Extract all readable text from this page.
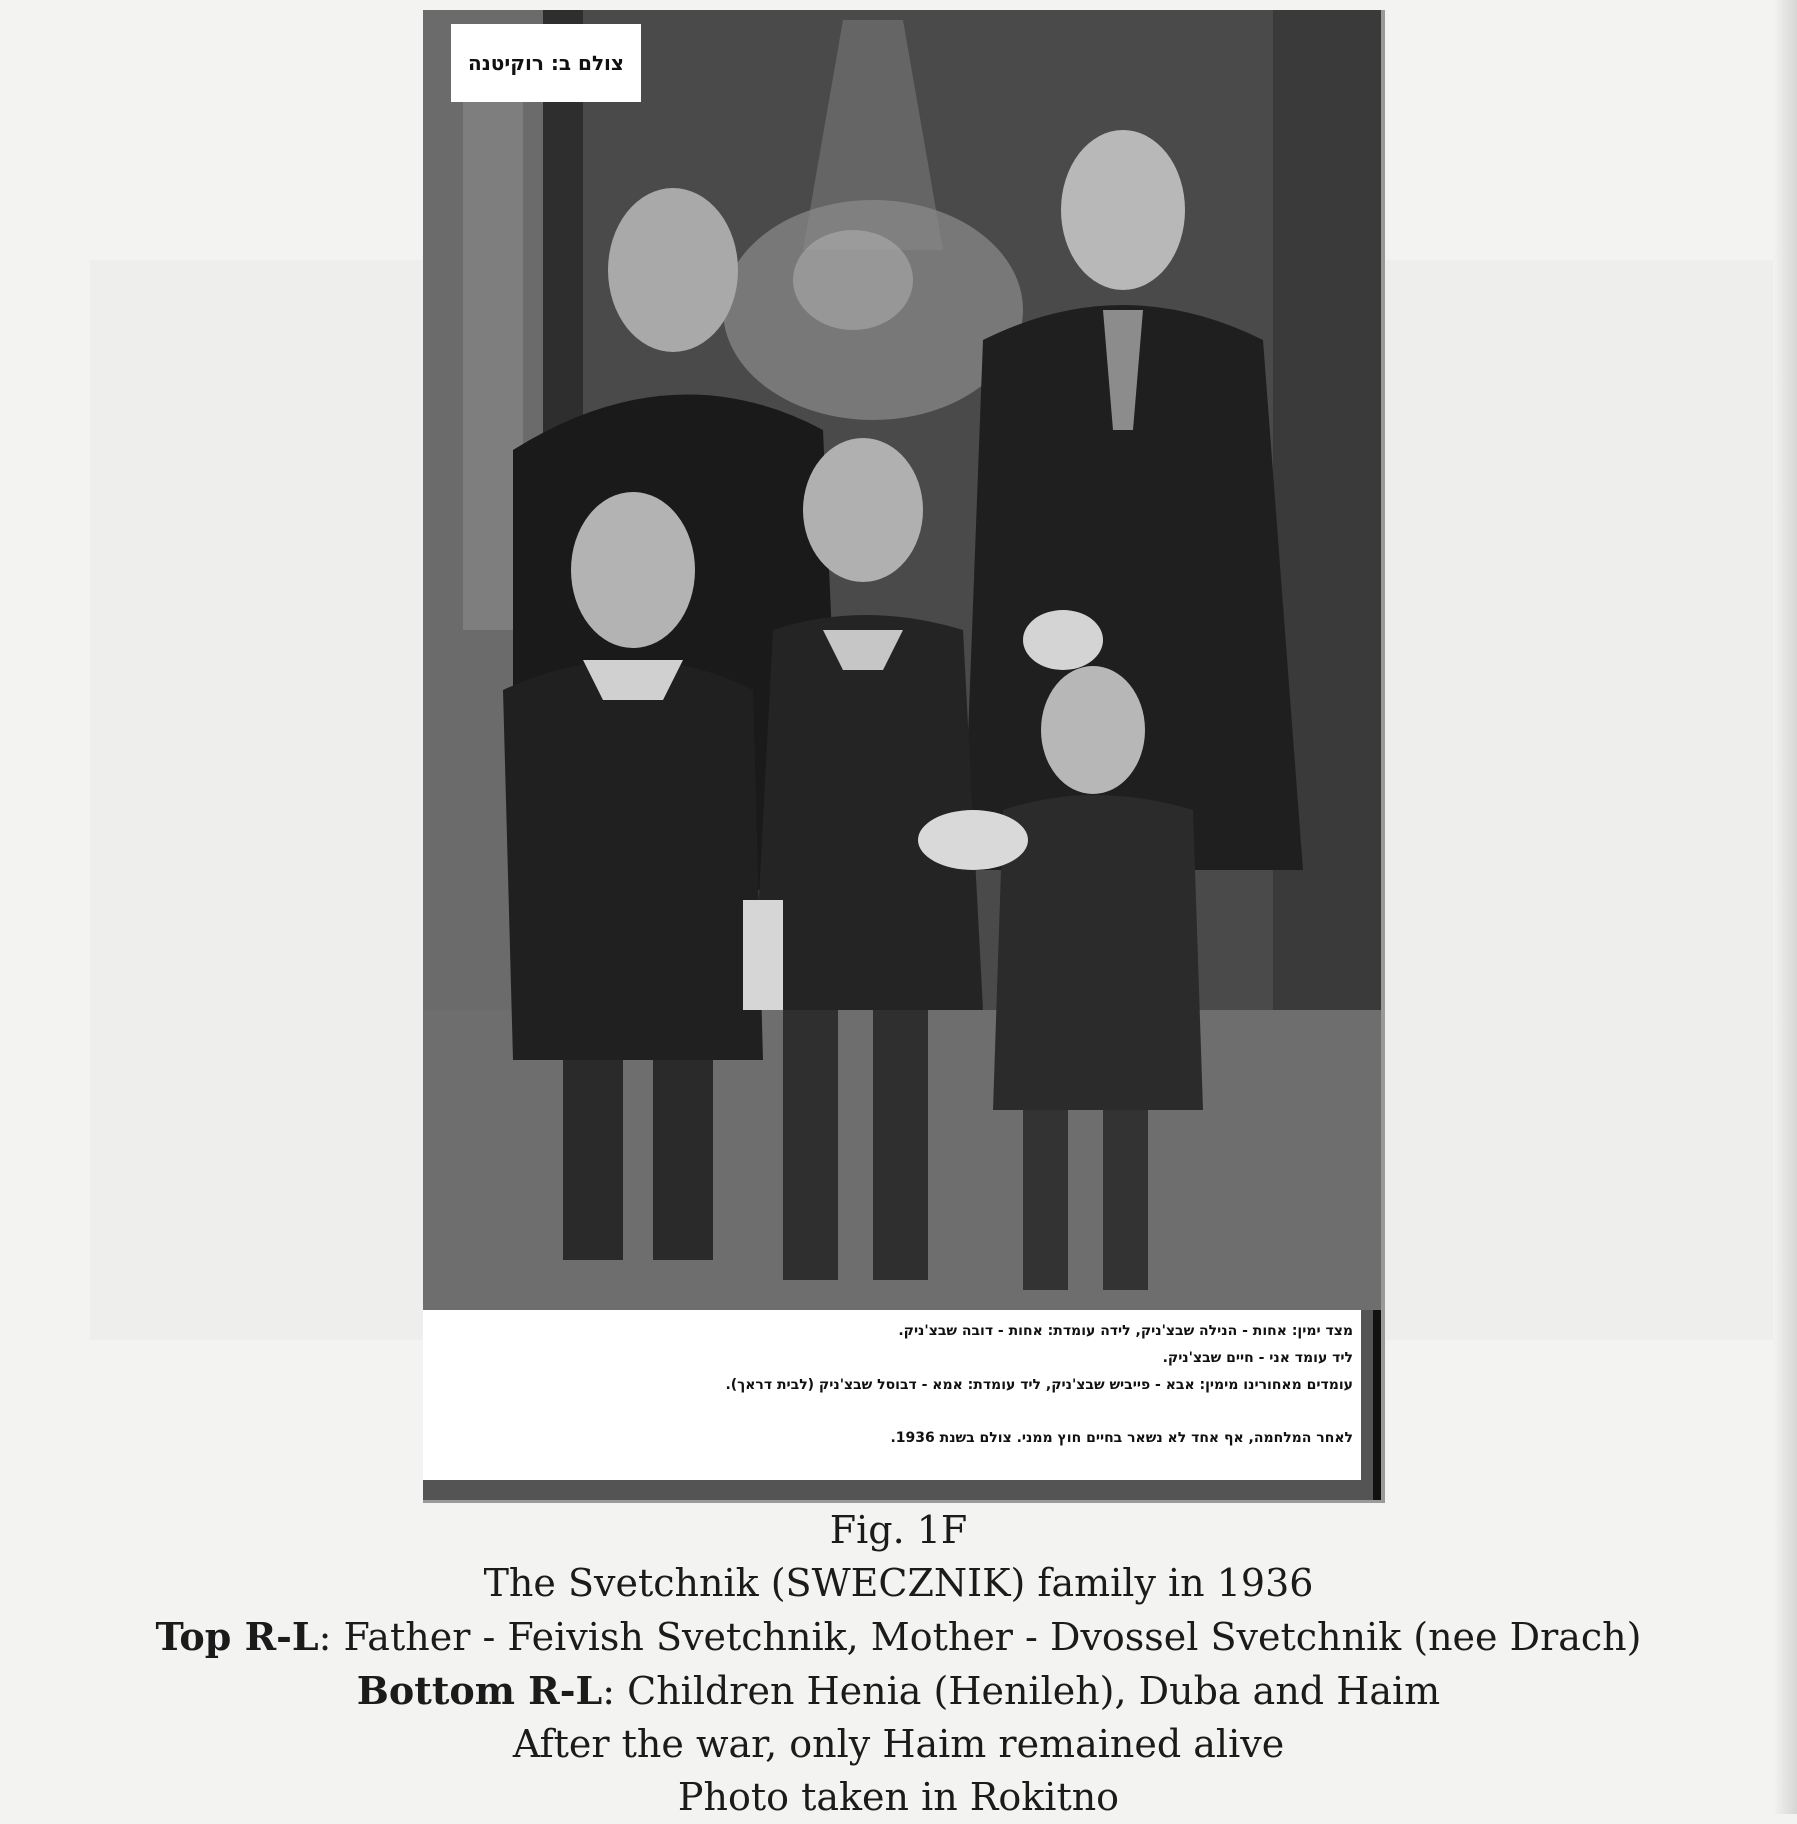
צולם ב: רוקיטנה
מצד ימין: אחות - הנילה שבצ'ניק, לידה עומדת: אחות - דובה שבצ'ניק.
ליד עומד אני - חיים שבצ'ניק.
עומדים מאחורינו מימין: אבא - פייביש שבצ'ניק, ליד עומדת: אמא - דבוסל שבצ'ניק (לבית דראך).
לאחר המלחמה, אף אחד לא נשאר בחיים חוץ ממני. צולם בשנת 1936.
Fig. 1F
The Svetchnik (SWECZNIK) family in 1936
Top R-L: Father - Feivish Svetchnik, Mother - Dvossel Svetchnik (nee Drach)
Bottom R-L: Children Henia (Henileh), Duba and Haim
After the war, only Haim remained alive
Photo taken in Rokitno
